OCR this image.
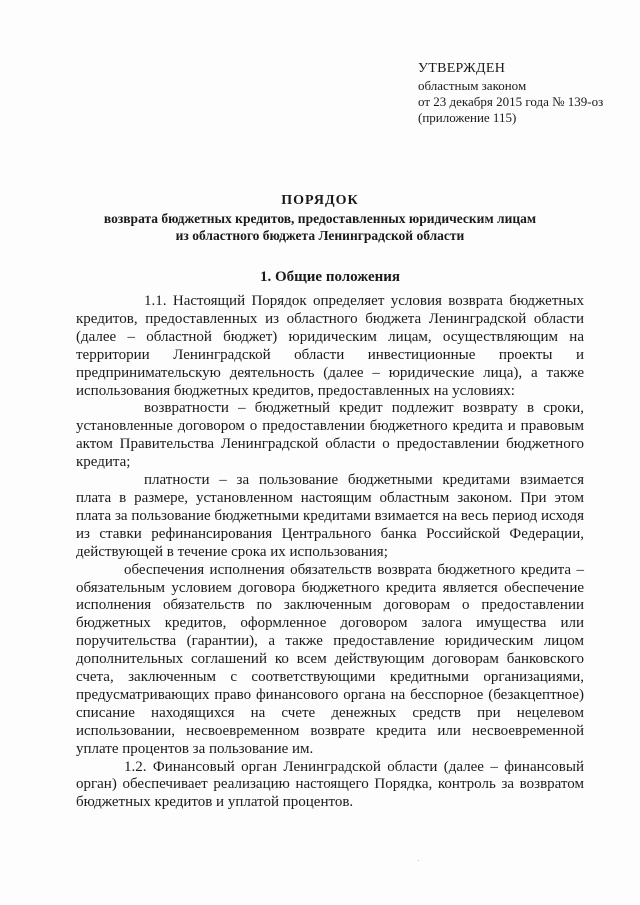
УТВЕРЖДЕН
областным законом
от 23 декабря 2015 года № 139-оз
(приложение 115)
ПОРЯДОК
возврата бюджетных кредитов, предоставленных юридическим лицам
из областного бюджета Ленинградской области
1. Общие положения

1.1. Настоящий Порядок определяет условия возврата бюджетных кредитов, предоставленных из областного бюджета Ленинградской области (далее – областной бюджет) юридическим лицам, осуществляющим на территории Ленинградской области инвестиционные проекты и предпринимательскую деятельность (далее – юридические лица), а также использования бюджетных кредитов, предоставленных на условиях:

возвратности – бюджетный кредит подлежит возврату в сроки, установленные договором о предоставлении бюджетного кредита и правовым актом Правительства Ленинградской области о предоставлении бюджетного кредита;

платности – за пользование бюджетными кредитами взимается плата в размере, установленном настоящим областным законом. При этом плата за пользование бюджетными кредитами взимается на весь период исходя из ставки рефинансирования Центрального банка Российской Федерации, действующей в течение срока их использования;

обеспечения исполнения обязательств возврата бюджетного кредита – обязательным условием договора бюджетного кредита является обеспечение исполнения обязательств по заключенным договорам о предоставлении бюджетных кредитов, оформленное договором залога имущества или поручительства (гарантии), а также предоставление юридическим лицом дополнительных соглашений ко всем действующим договорам банковского счета, заключенным с соответствующими кредитными организациями, предусматривающих право финансового органа на бесспорное (безакцептное) списание находящихся на счете денежных средств при нецелевом использовании, несвоевременном возврате кредита или несвоевременной уплате процентов за пользование им.

1.2. Финансовый орган Ленинградской области (далее – финансовый орган) обеспечивает реализацию настоящего Порядка, контроль за возвратом бюджетных кредитов и уплатой процентов.
